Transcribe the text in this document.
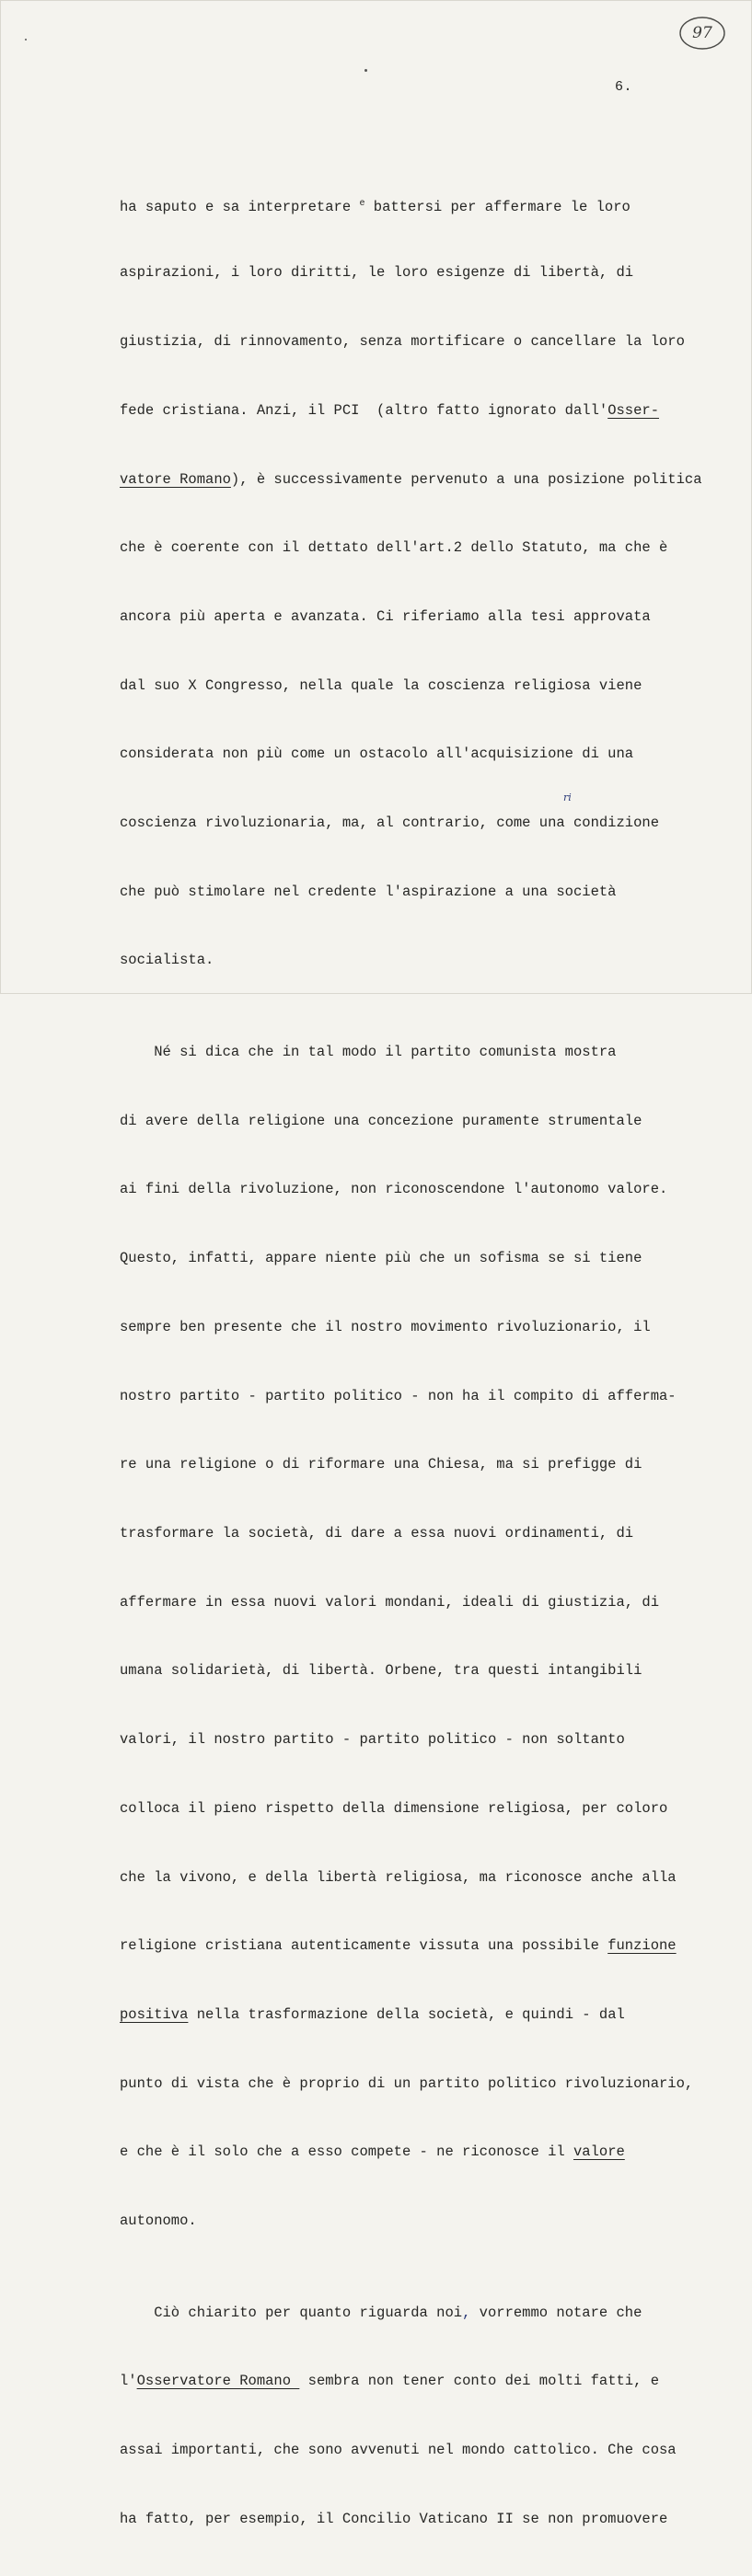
97
6.
ri

ha saputo e sa interpretare $^e$ battersi per affermare le loro

aspirazioni, i loro diritti, le loro esigenze di libertà, di

giustizia, di rinnovamento, senza mortificare o cancellare la loro

fede cristiana. Anzi, il PCI  (altro fatto ignorato dall'Osser-

vatore Romano), è successivamente pervenuto a una posizione politica

che è coerente con il dettato dell'art.2 dello Statuto, ma che è

ancora più aperta e avanzata. Ci riferiamo alla tesi approvata

dal suo X Congresso, nella quale la coscienza religiosa viene

considerata non più come un ostacolo all'acquisizione di una

coscienza rivoluzionaria, ma, al contrario, come una condizione

che può stimolare nel credente l'aspirazione a una società

socialista.

Né si dica che in tal modo il partito comunista mostra

di avere della religione una concezione puramente strumentale

ai fini della rivoluzione, non riconoscendone l'autonomo valore.

Questo, infatti, appare niente più che un sofisma se si tiene

sempre ben presente che il nostro movimento rivoluzionario, il

nostro partito - partito politico - non ha il compito di afferma-

re una religione o di riformare una Chiesa, ma si prefigge di

trasformare la società, di dare a essa nuovi ordinamenti, di

affermare in essa nuovi valori mondani, ideali di giustizia, di

umana solidarietà, di libertà. Orbene, tra questi intangibili

valori, il nostro partito - partito politico - non soltanto

colloca il pieno rispetto della dimensione religiosa, per coloro

che la vivono, e della libertà religiosa, ma riconosce anche alla

religione cristiana autenticamente vissuta una possibile funzione

positiva nella trasformazione della società, e quindi - dal

punto di vista che è proprio di un partito politico rivoluzionario,

e che è il solo che a esso compete - ne riconosce il valore

autonomo.

Ciò chiarito per quanto riguarda noi, vorremmo notare che

l'Osservatore Romano  sembra non tener conto dei molti fatti, e

assai importanti, che sono avvenuti nel mondo cattolico. Che cosa

ha fatto, per esempio, il Concilio Vaticano II se non promuovere
